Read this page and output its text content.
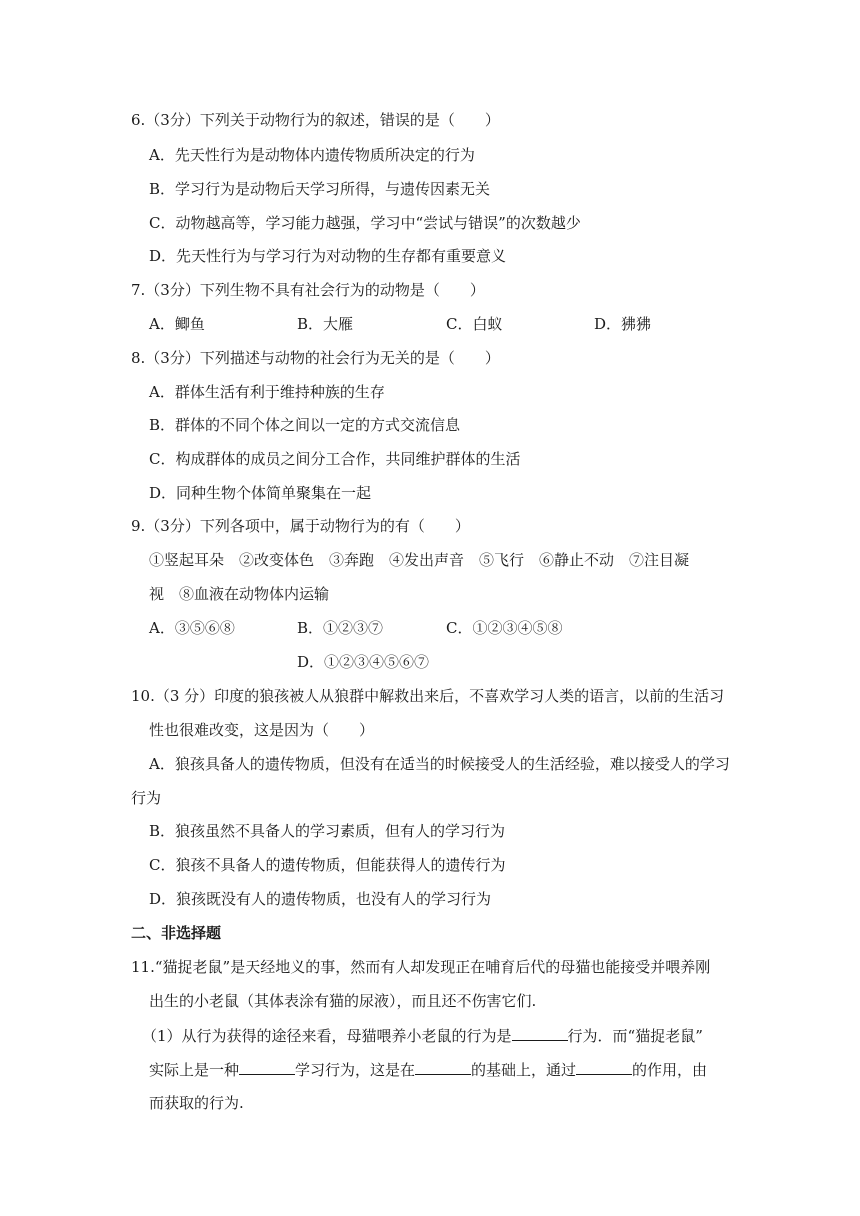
6.（3分）下列关于动物行为的叙述，错误的是（　　）
A．先天性行为是动物体内遗传物质所决定的行为
B．学习行为是动物后天学习所得，与遗传因素无关
C．动物越高等，学习能力越强，学习中“尝试与错误”的次数越少
D．先天性行为与学习行为对动物的生存都有重要意义
7.（3分）下列生物不具有社会行为的动物是（　　）
A．鲫鱼	B．大雁	C．白蚁	D．狒狒
8.（3分）下列描述与动物的社会行为无关的是（　　）
A．群体生活有利于维持种族的生存
B．群体的不同个体之间以一定的方式交流信息
C．构成群体的成员之间分工合作，共同维护群体的生活
D．同种生物个体简单聚集在一起
9.（3分）下列各项中，属于动物行为的有（　　）
①竖起耳朵　②改变体色　③奔跑　④发出声音　⑤飞行　⑥静止不动　⑦注目凝
视　⑧血液在动物体内运输
A．③⑤⑥⑧	B．①②③⑦	C．①②③④⑤⑧
D．①②③④⑤⑥⑦
10.（3 分）印度的狼孩被人从狼群中解救出来后，不喜欢学习人类的语言，以前的生活习
性也很难改变，这是因为（　　）
A．狼孩具备人的遗传物质，但没有在适当的时候接受人的生活经验，难以接受人的学习
行为
B．狼孩虽然不具备人的学习素质，但有人的学习行为
C．狼孩不具备人的遗传物质，但能获得人的遗传行为
D．狼孩既没有人的遗传物质，也没有人的学习行为
二、非选择题
11.“猫捉老鼠”是天经地义的事，然而有人却发现正在哺育后代的母猫也能接受并喂养刚
出生的小老鼠（其体表涂有猫的尿液），而且还不伤害它们.
（1）从行为获得的途径来看，母猫喂养小老鼠的行为是	行为．而“猫捉老鼠”
实际上是一种	学习行为，这是在	的基础上，通过	的作用，由
而获取的行为.
